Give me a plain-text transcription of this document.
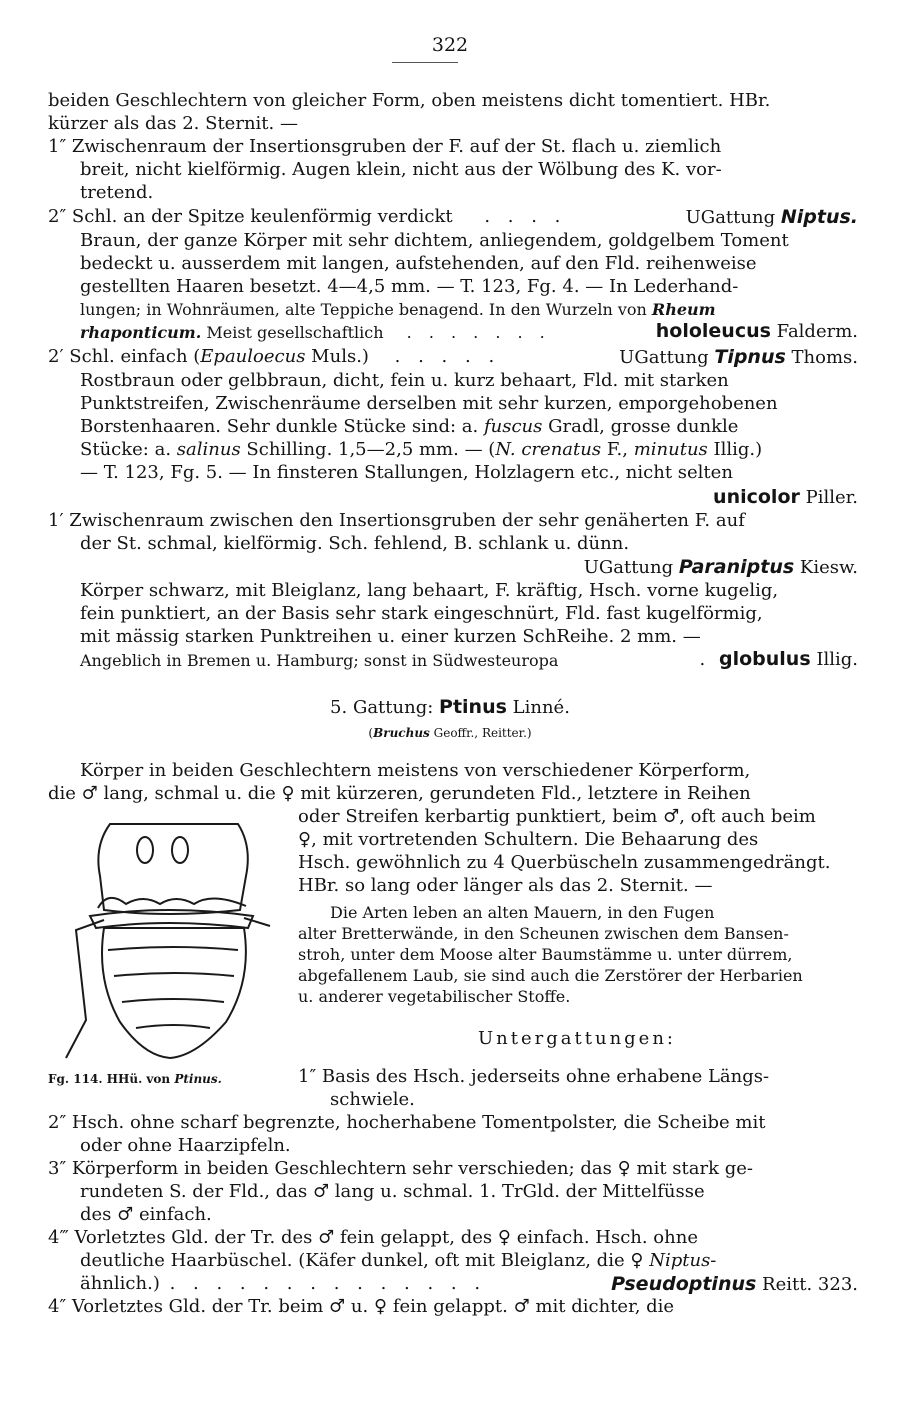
322
beiden Geschlechtern von gleicher Form, oben meistens dicht tomentiert. HBr.
kürzer als das 2. Sternit. —
1″ Zwischenraum der Insertionsgruben der F. auf der St. flach u. ziemlich
breit, nicht kielförmig. Augen klein, nicht aus der Wölbung des K. vor-
tretend.
2″ Schl. an der Spitze keulenförmig verdickt . . . .	UGattung Niptus.
Braun, der ganze Körper mit sehr dichtem, anliegendem, goldgelbem Toment
bedeckt u. ausserdem mit langen, aufstehenden, auf den Fld. reihenweise
gestellten Haaren besetzt. 4—4,5 mm. — T. 123, Fg. 4. — In Lederhand-
lungen; in Wohnräumen, alte Teppiche benagend. In den Wurzeln von Rheum
rhaponticum. Meist gesellschaftlich . . . . . . .	hololeucus Falderm.
2′ Schl. einfach (Epauloecus Muls.) . . . . .	UGattung Tipnus Thoms.
Rostbraun oder gelbbraun, dicht, fein u. kurz behaart, Fld. mit starken
Punktstreifen, Zwischenräume derselben mit sehr kurzen, emporgehobenen
Borstenhaaren. Sehr dunkle Stücke sind: a. fuscus Gradl, grosse dunkle
Stücke: a. salinus Schilling. 1,5—2,5 mm. — (N. crenatus F., minutus Illig.)
— T. 123, Fg. 5. — In finsteren Stallungen, Holzlagern etc., nicht selten
unicolor Piller.
1′ Zwischenraum zwischen den Insertionsgruben der sehr genäherten F. auf
der St. schmal, kielförmig. Sch. fehlend, B. schlank u. dünn.
UGattung Paraniptus Kiesw.
Körper schwarz, mit Bleiglanz, lang behaart, F. kräftig, Hsch. vorne kugelig,
fein punktiert, an der Basis sehr stark eingeschnürt, Fld. fast kugelförmig,
mit mässig starken Punktreihen u. einer kurzen SchReihe. 2 mm. —
Angeblich in Bremen u. Hamburg; sonst in Südwesteuropa	. globulus Illig.
5. Gattung: Ptinus Linné.
(Bruchus Geoffr., Reitter.)
Körper in beiden Geschlechtern meistens von verschiedener Körperform,
die ♂ lang, schmal u. die ♀ mit kürzeren, gerundeten Fld., letztere in Reihen
oder Streifen kerbartig punktiert, beim ♂, oft auch beim
♀, mit vortretenden Schultern. Die Behaarung des
Hsch. gewöhnlich zu 4 Querbüscheln zusammengedrängt.
HBr. so lang oder länger als das 2. Sternit. —
Die Arten leben an alten Mauern, in den Fugen
alter Bretterwände, in den Scheunen zwischen dem Bansen-
stroh, unter dem Moose alter Baumstämme u. unter dürrem,
abgefallenem Laub, sie sind auch die Zerstörer der Herbarien
u. anderer vegetabilischer Stoffe.
Untergattungen:
Fg. 114. HHü. von Ptinus.	1″ Basis des Hsch. jederseits ohne erhabene Längs-
schwiele.
2″ Hsch. ohne scharf begrenzte, hocherhabene Tomentpolster, die Scheibe mit
oder ohne Haarzipfeln.
3″ Körperform in beiden Geschlechtern sehr verschieden; das ♀ mit stark ge-
rundeten S. der Fld., das ♂ lang u. schmal. 1. TrGld. der Mittelfüsse
des ♂ einfach.
4‴ Vorletztes Gld. der Tr. des ♂ fein gelappt, des ♀ einfach. Hsch. ohne
deutliche Haarbüschel. (Käfer dunkel, oft mit Bleiglanz, die ♀ Niptus-
ähnlich.) . . . . . . . . . . . . . .	Pseudoptinus Reitt. 323.
4″ Vorletztes Gld. der Tr. beim ♂ u. ♀ fein gelappt. ♂ mit dichter, die
